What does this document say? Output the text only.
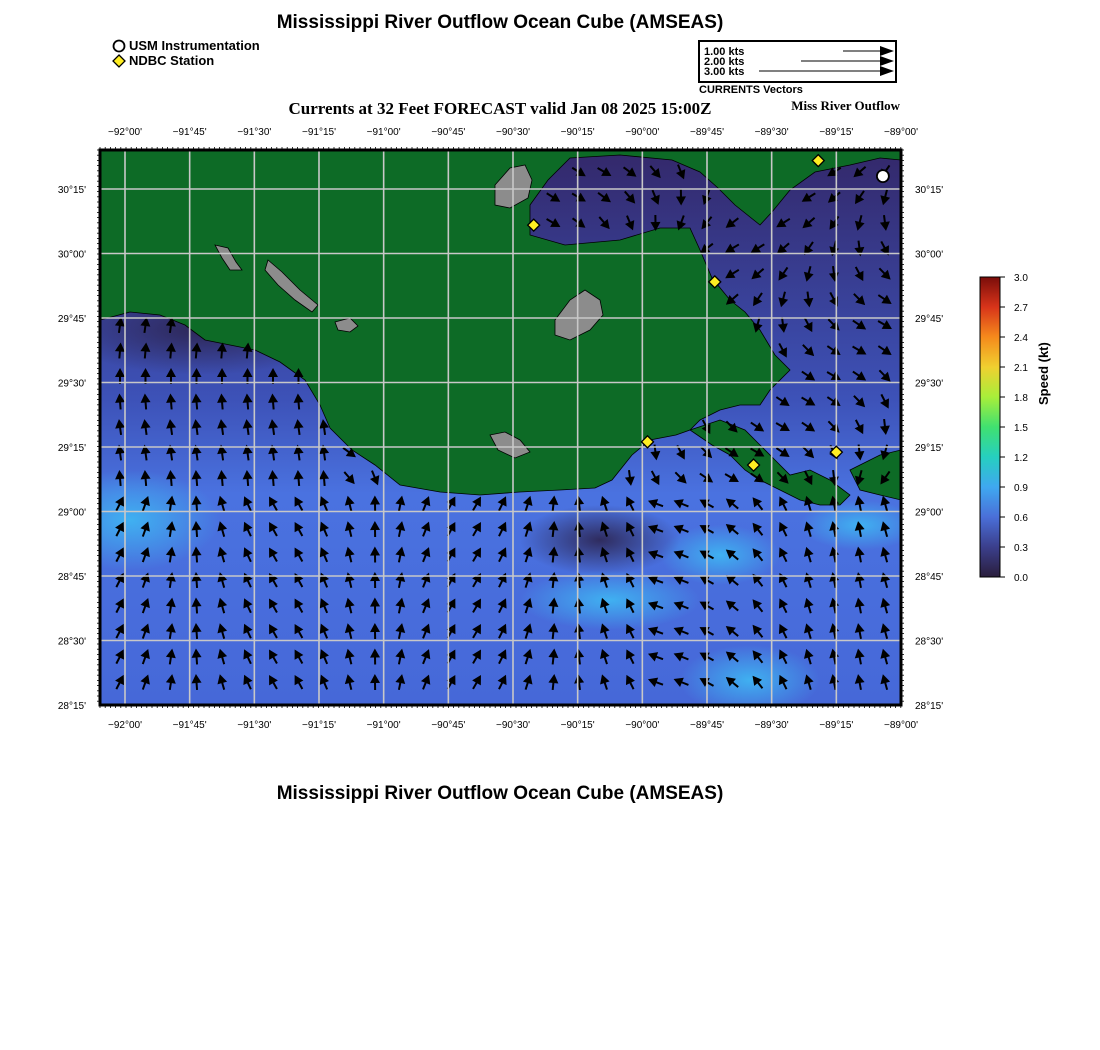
Mississippi River Outflow Ocean Cube (AMSEAS)
USM Instrumentation
NDBC Station
1.00 kts
2.00 kts
3.00 kts
CURRENTS Vectors
Currents at 32 Feet FORECAST valid Jan 08 2025 15:00Z	Miss River Outflow
−92°00'	−91°45'	−91°30'	−91°15'	−91°00'	−90°45'	−90°30'	−90°15'	−90°00'	−89°45'	−89°30'	−89°15'	−89°00'
−92°00'	−91°45'	−91°30'	−91°15'	−91°00'	−90°45'	−90°30'	−90°15'	−90°00'	−89°45'	−89°30'	−89°15'	−89°00'
30°15'
30°00'
29°45'
29°30'
29°15'
29°00'
28°45'
28°30'
28°15'
30°15'
30°00'
29°45'
29°30'
29°15'
29°00'
28°45'
28°30'
28°15'
3.0
2.7
2.4
2.1
1.8
1.5
1.2
0.9
0.6
0.3
0.0
Speed (kt)
Mississippi River Outflow Ocean Cube (AMSEAS)
